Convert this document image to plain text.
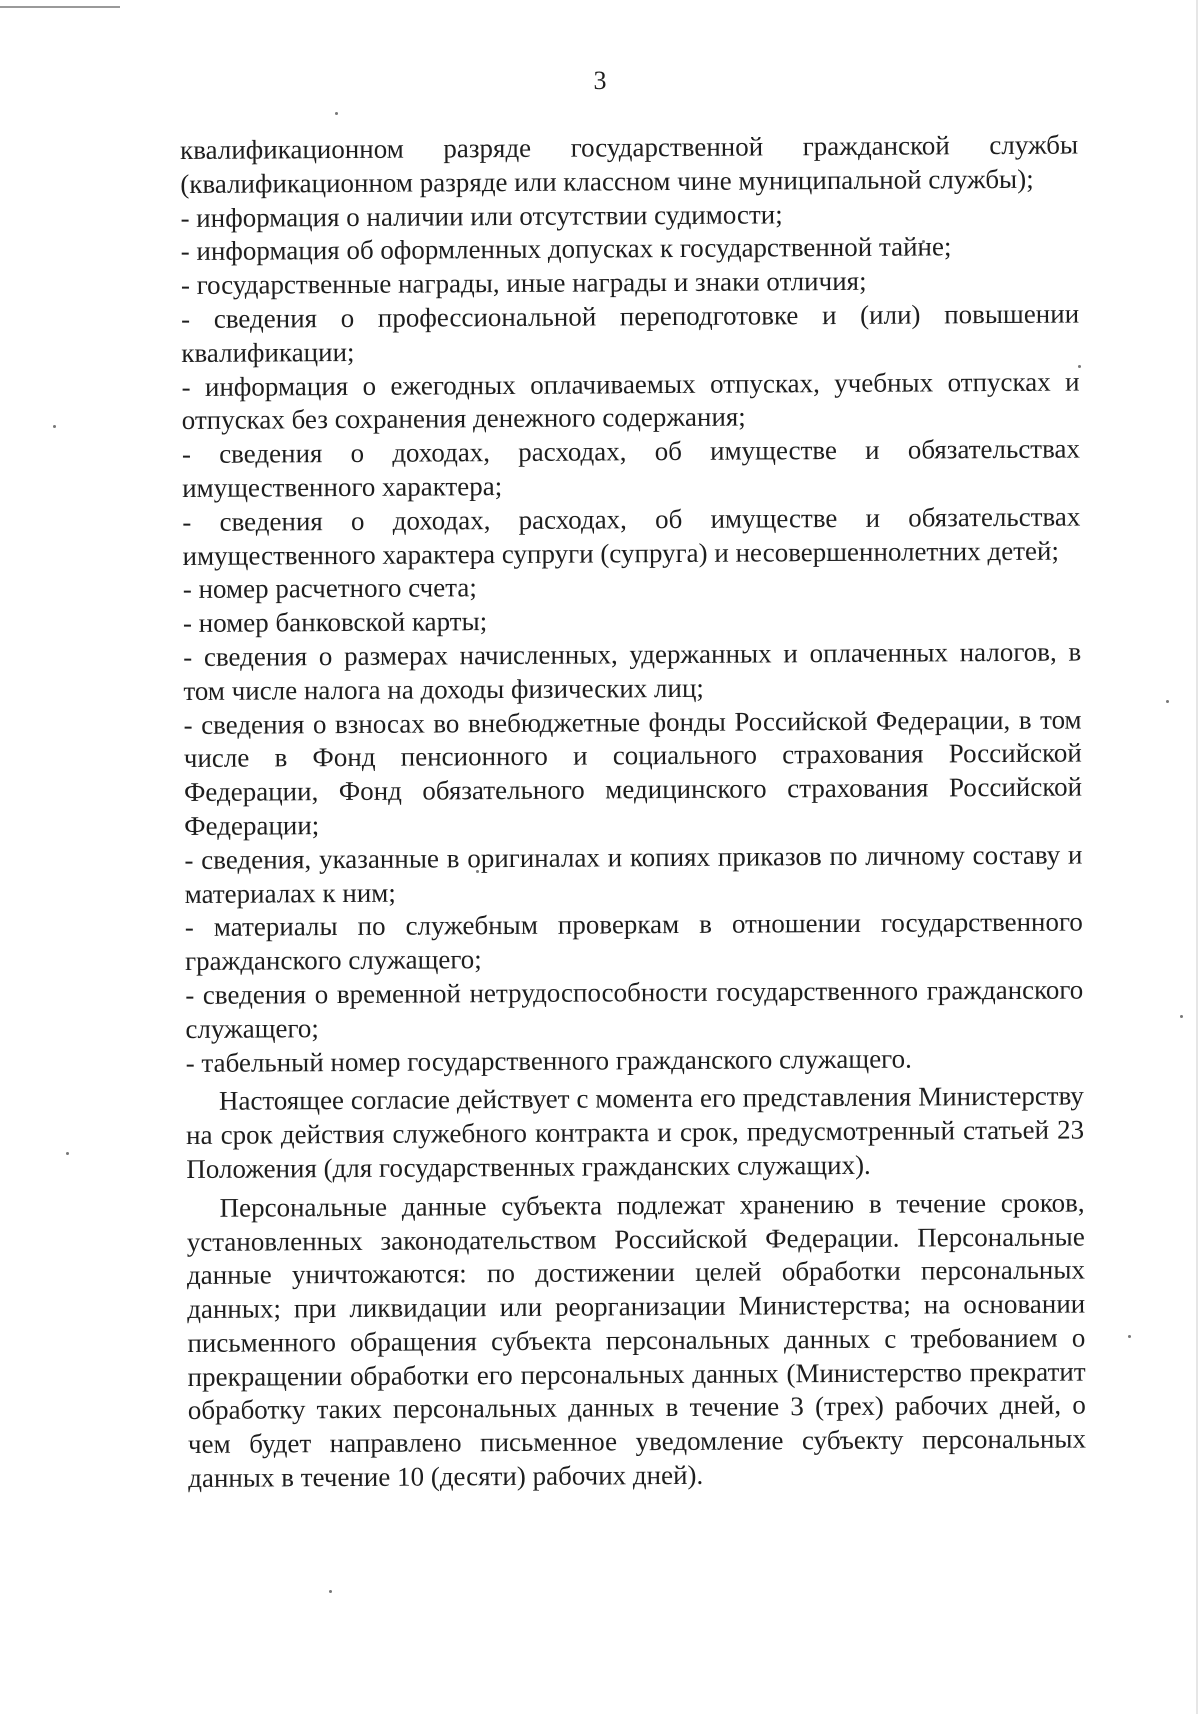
3

квалификационном разряде государственной гражданской службы (квалификационном разряде или классном чине муниципальной службы);

- информация о наличии или отсутствии судимости;

- информация об оформленных допусках к государственной тайне;

- государственные награды, иные награды и знаки отличия;

- сведения о профессиональной переподготовке и (или) повышении квалификации;

- информация о ежегодных оплачиваемых отпусках, учебных отпусках и отпусках без сохранения денежного содержания;

- сведения о доходах, расходах, об имуществе и обязательствах имущественного характера;

- сведения о доходах, расходах, об имуществе и обязательствах имущественного характера супруги (супруга) и несовершеннолетних детей;

- номер расчетного счета;

- номер банковской карты;

- сведения о размерах начисленных, удержанных и оплаченных налогов, в том числе налога на доходы физических лиц;

- сведения о взносах во внебюджетные фонды Российской Федерации, в том числе в Фонд пенсионного и социального страхования Российской Федерации, Фонд обязательного медицинского страхования Российской Федерации;

- сведения, указанные в оригиналах и копиях приказов по личному составу и материалах к ним;

- материалы по служебным проверкам в отношении государственного гражданского служащего;

- сведения о временной нетрудоспособности государственного гражданского служащего;

- табельный номер государственного гражданского служащего.

Настоящее согласие действует с момента его представления Министерству на срок действия служебного контракта и срок, предусмотренный статьей 23 Положения (для государственных гражданских служащих).

Персональные данные субъекта подлежат хранению в течение сроков, установленных законодательством Российской Федерации. Персональные данные уничтожаются: по достижении целей обработки персональных данных; при ликвидации или реорганизации Министерства; на основании письменного обращения субъекта персональных данных с требованием о прекращении обработки его персональных данных (Министерство прекратит обработку таких персональных данных в течение 3 (трех) рабочих дней, о чем будет направлено письменное уведомление субъекту персональных данных в течение 10 (десяти) рабочих дней).
